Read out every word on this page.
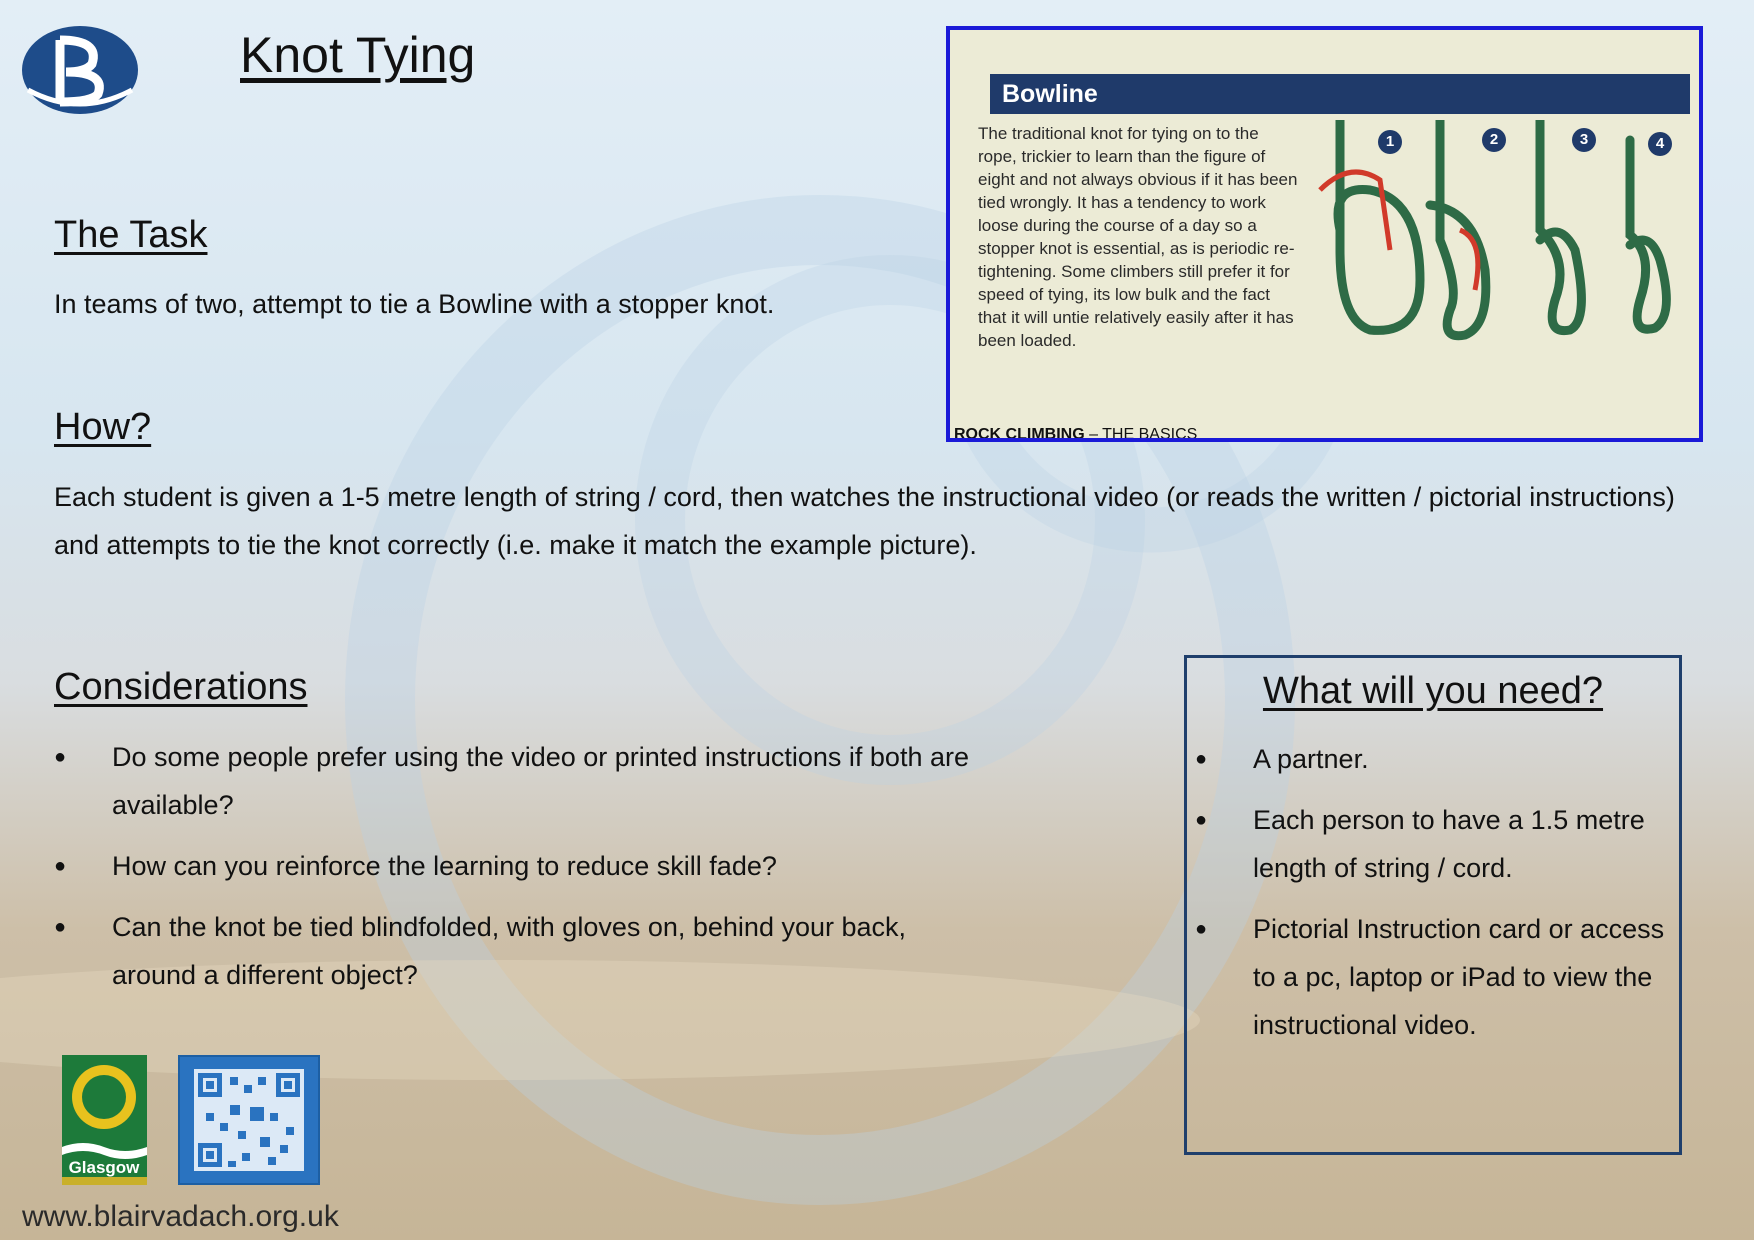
Knot Tying
The Task

In teams of two, attempt to tie a Bowline with a stopper knot.

How?

Each student is given a 1-5 metre length of string / cord, then watches the instructional video (or reads the written / pictorial instructions) and attempts to tie the knot correctly (i.e. make it match the example picture).

Considerations
● Do some people prefer using the video or printed instructions if both are available?
● How can you reinforce the learning to reduce skill fade?
● Can the knot be tied blindfolded, with gloves on, behind your back, around a different object?
Bowline

The traditional knot for tying on to the rope, trickier to learn than the figure of eight and not always obvious if it has been tied wrongly. It has a tendency to work loose during the course of a day so a stopper knot is essential, as is periodic re-tightening. Some climbers still prefer it for speed of tying, its low bulk and the fact that it will untie relatively easily after it has been loaded.

1	2	3	4
ROCK CLIMBING – THE BASICS
What will you need?
● A partner.
● Each person to have a 1.5 metre length of string / cord.
● Pictorial Instruction card or access to a pc, laptop or iPad to view the instructional video.
Glasgow

www.blairvadach.org.uk
